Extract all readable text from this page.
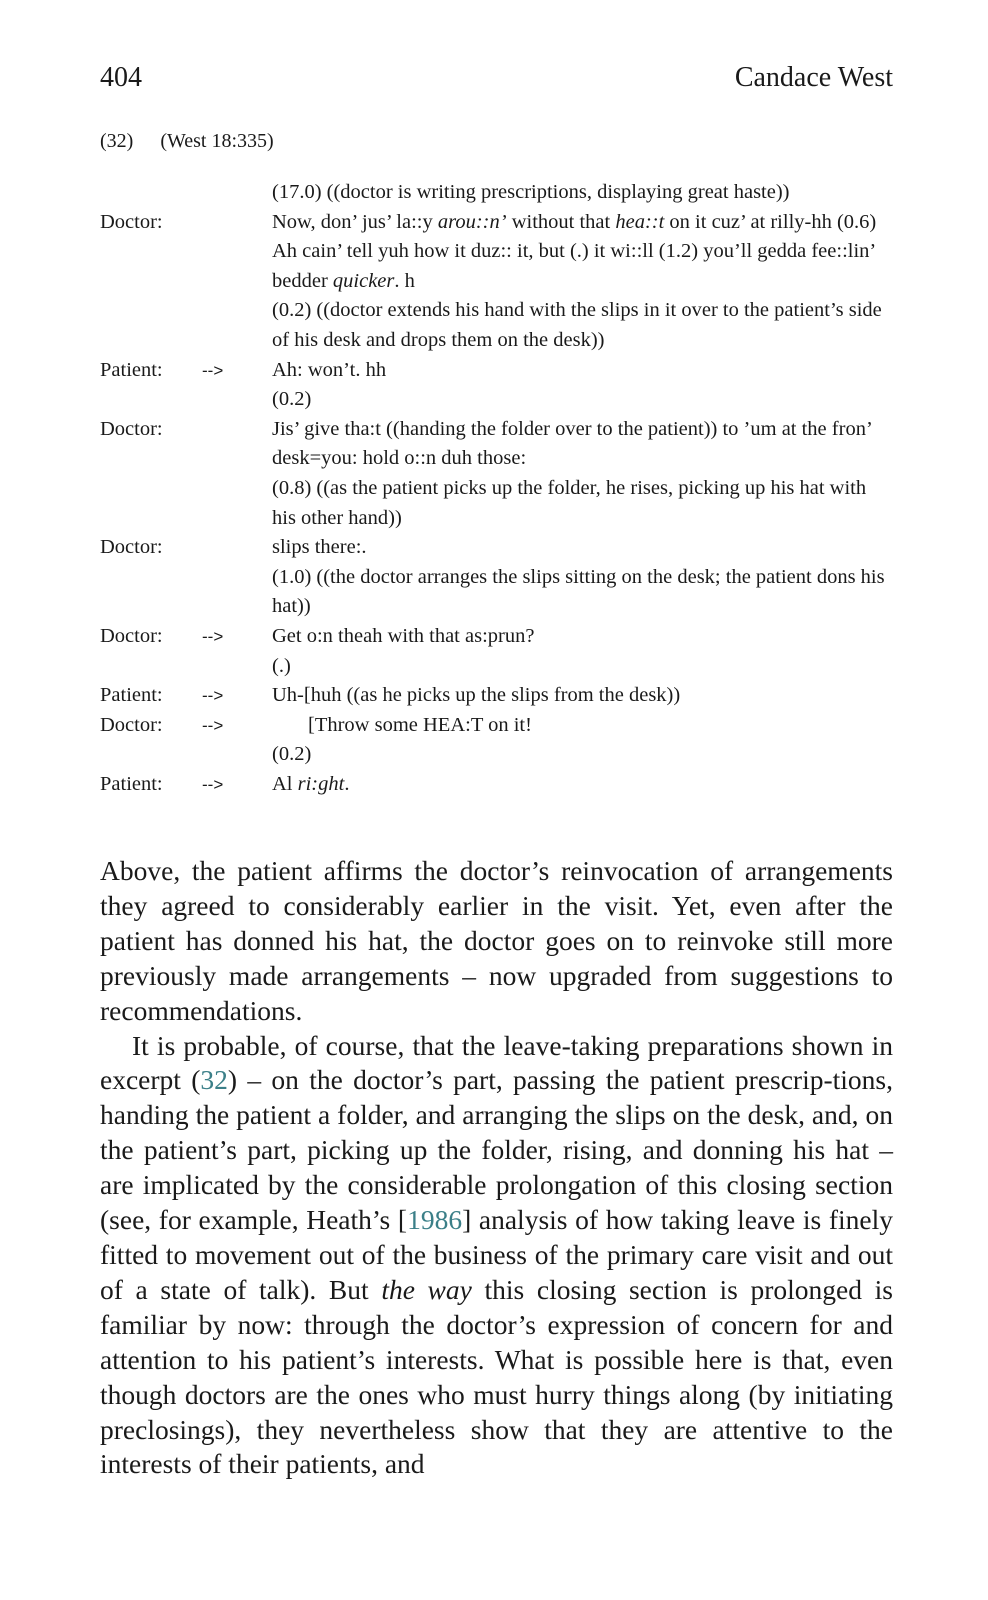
404	Candace West
(32) (West 18:335)
(17.0) ((doctor is writing prescriptions, displaying great haste))
Doctor:	Now, don’ jus’ la::y arou::n’ without that hea::t on it cuz’ at rilly-hh (0.6) Ah cain’ tell yuh how it duz:: it, but (.) it wi::ll (1.2) you’ll gedda fee::lin’ bedder quicker. h
(0.2) ((doctor extends his hand with the slips in it over to the patient’s side of his desk and drops them on the desk))
Patient: --> Ah: won’t. hh
(0.2)
Doctor:	Jis’ give tha:t ((handing the folder over to the patient)) to ’um at the fron’ desk=you: hold o::n duh those:
(0.8) ((as the patient picks up the folder, he rises, picking up his hat with his other hand))
Doctor:	slips there:.
(1.0) ((the doctor arranges the slips sitting on the desk; the patient dons his hat))
Doctor: --> Get o:n theah with that as:prun?
(.)
Patient: --> Uh-[huh ((as he picks up the slips from the desk))
Doctor: -->	[Throw some HEA:T on it!
(0.2)
Patient: --> Al ri:ght.

Above, the patient affirms the doctor’s reinvocation of arrangements they agreed to considerably earlier in the visit. Yet, even after the patient has donned his hat, the doctor goes on to reinvoke still more previously made arrangements – now upgraded from suggestions to recommendations.

It is probable, of course, that the leave-taking preparations shown in excerpt (32) – on the doctor’s part, passing the patient prescrip-tions, handing the patient a folder, and arranging the slips on the desk, and, on the patient’s part, picking up the folder, rising, and donning his hat – are implicated by the considerable prolongation of this closing section (see, for example, Heath’s [1986] analysis of how taking leave is finely fitted to movement out of the business of the primary care visit and out of a state of talk). But the way this closing section is prolonged is familiar by now: through the doctor’s expression of concern for and attention to his patient’s interests. What is possible here is that, even though doctors are the ones who must hurry things along (by initiating preclosings), they nevertheless show that they are attentive to the interests of their patients, and
